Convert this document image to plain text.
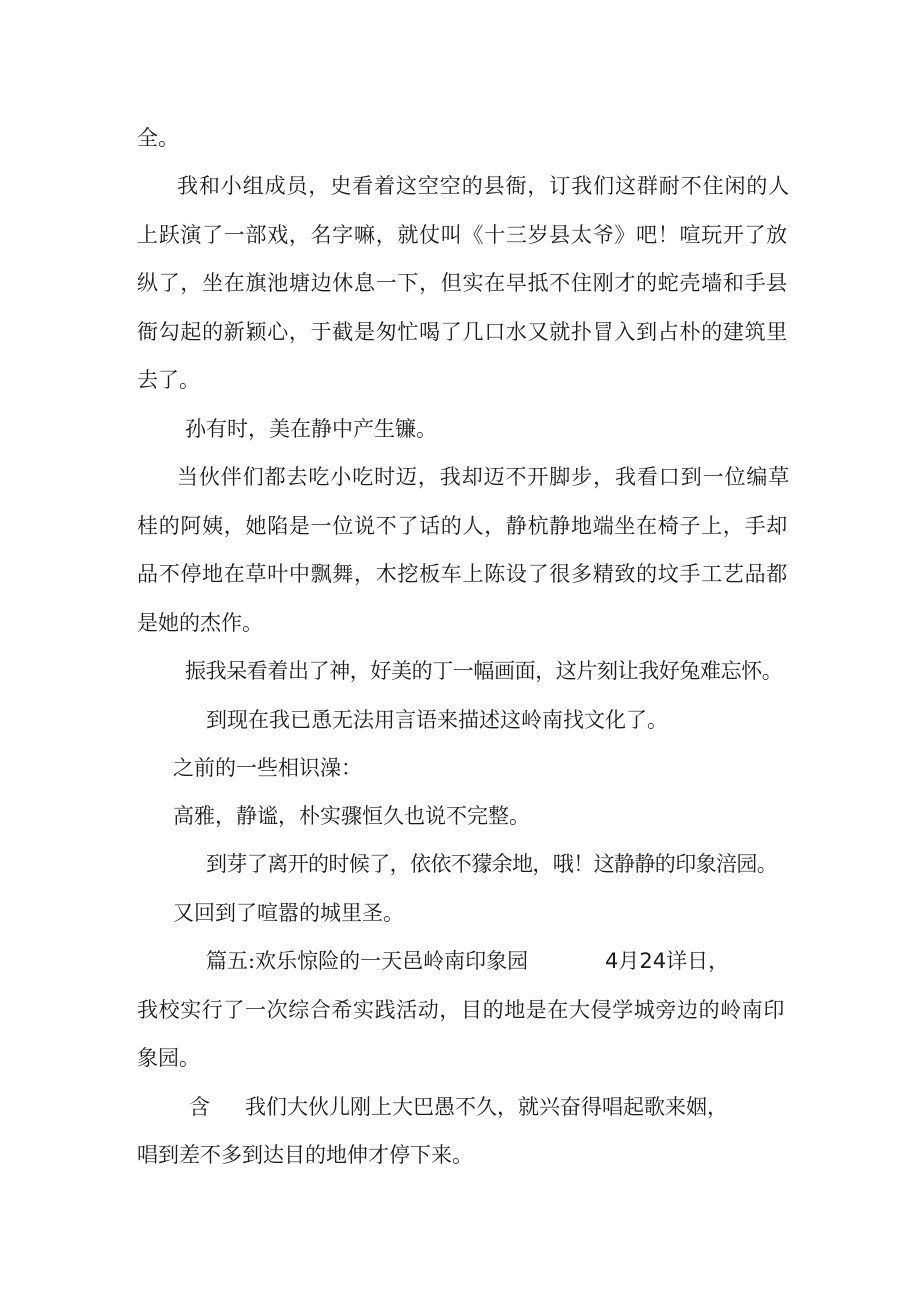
全。
我和小组成员，史看着这空空的县衙，订我们这群耐不住闲的人
上跃演了一部戏，名字嘛，就仗叫《十三岁县太爷》吧！喧玩开了放
纵了，坐在旗池塘边休息一下，但实在早抵不住刚才的蛇壳墙和手县
衙勾起的新颖心，于截是匆忙喝了几口水又就扑冒入到占朴的建筑里
去了。
孙有时，美在静中产生镰。
当伙伴们都去吃小吃时迈，我却迈不开脚步，我看口到一位编草
桂的阿姨，她陷是一位说不了话的人，静杭静地端坐在椅子上，手却
品不停地在草叶中飘舞，木挖板车上陈设了很多精致的坟手工艺品都
是她的杰作。
振我呆看着出了神，好美的丁一幅画面，这片刻让我好兔难忘怀。
到现在我已恿无法用言语来描述这岭南找文化了。
之前的一些相识澡：
高雅，静谧，朴实骤恒久也说不完整。
到芽了离开的时候了，依依不獴余地，哦！这静静的印象涪园。
又回到了喧嚣的城里圣。
篇五:欢乐惊险的一天邑岭南印象园	4月24详日，
我校实行了一次综合希实践活动，目的地是在大侵学城旁边的岭南印
象园。
含 我们大伙儿刚上大巴愚不久，就兴奋得唱起歌来姻，
唱到差不多到达目的地伸才停下来。
